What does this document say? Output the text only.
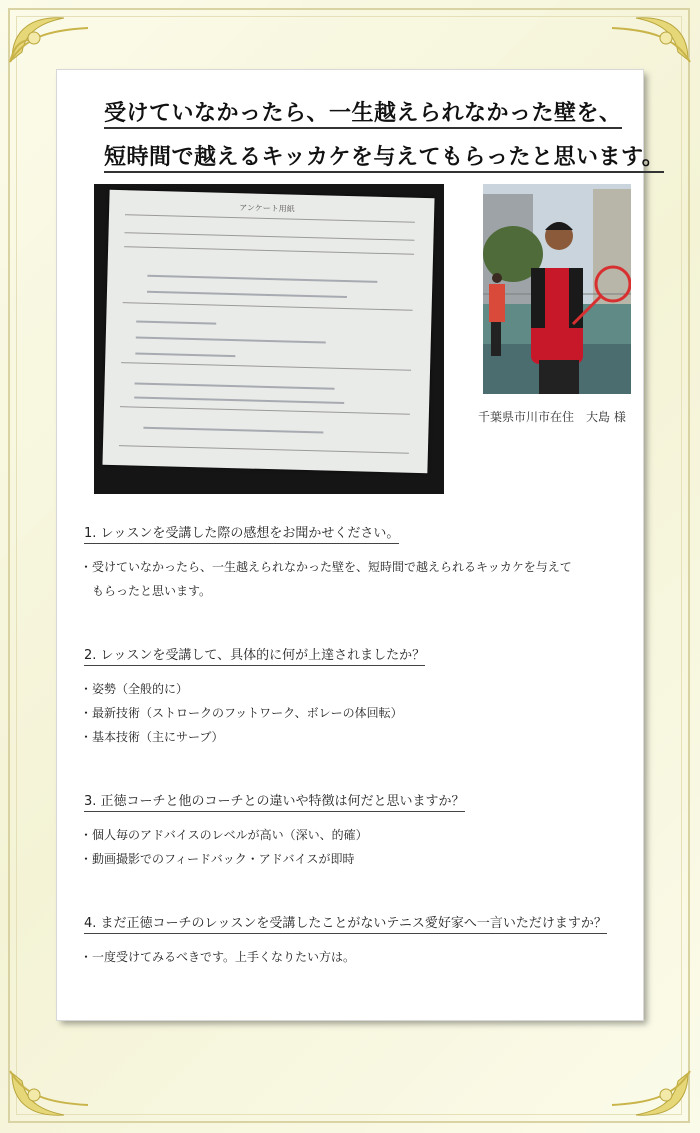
受けていなかったら、一生越えられなかった壁を、
短時間で越えるキッカケを与えてもらったと思います。
アンケート用紙
千葉県市川市在住　大島 様
1. レッスンを受講した際の感想をお聞かせください。
・受けていなかったら、一生越えられなかった壁を、短時間で越えられるキッカケを与えて
　もらったと思います。
2. レッスンを受講して、具体的に何が上達されましたか？
・姿勢（全般的に）
・最新技術（ストロークのフットワーク、ボレーの体回転）
・基本技術（主にサーブ）
3. 正徳コーチと他のコーチとの違いや特徴は何だと思いますか？
・個人毎のアドバイスのレベルが高い（深い、的確）
・動画撮影でのフィードバック・アドバイスが即時
4. まだ正徳コーチのレッスンを受講したことがないテニス愛好家へ一言いただけますか？
・一度受けてみるべきです。上手くなりたい方は。
